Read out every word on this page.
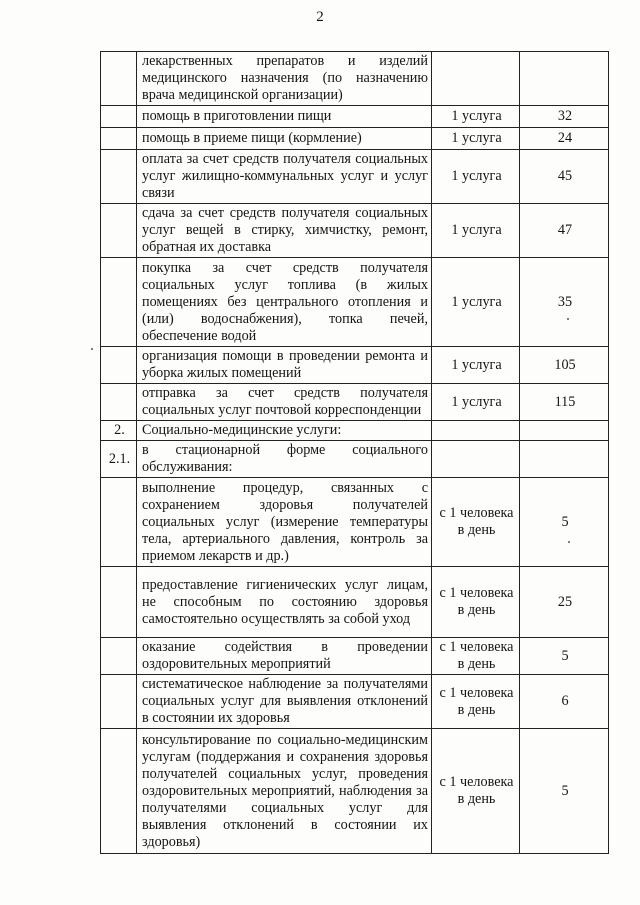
2
	лекарственных препаратов и изделий медицинского назначения (по назначению врача медицинской организации)		
	помощь в приготовлении пищи	1 услуга	32
	помощь в приеме пищи (кормление)	1 услуга	24
	оплата за счет средств получателя социальных услуг жилищно-коммунальных услуг и услуг связи	1 услуга	45
	сдача за счет средств получателя социальных услуг вещей в стирку, химчистку, ремонт, обратная их доставка	1 услуга	47
	покупка за счет средств получателя социальных услуг топлива (в жилых помещениях без центрального отопления и (или) водоснабжения), топка печей, обеспечение водой	1 услуга	35
	организация помощи в проведении ремонта и уборка жилых помещений	1 услуга	105
	отправка за счет средств получателя социальных услуг почтовой корреспонденции	1 услуга	115
2.	Социально-медицинские услуги:		
2.1.	в стационарной форме социального обслуживания:		
	выполнение процедур, связанных с сохранением здоровья получателей социальных услуг (измерение температуры тела, артериального давления, контроль за приемом лекарств и др.)	с 1 человека в день	5
	предоставление гигиенических услуг лицам, не способным по состоянию здоровья самостоятельно осуществлять за собой уход	с 1 человека в день	25
	оказание содействия в проведении оздоровительных мероприятий	с 1 человека в день	5
	систематическое наблюдение за получателями социальных услуг для выявления отклонений в состоянии их здоровья	с 1 человека в день	6
	консультирование по социально-медицинским услугам (поддержания и сохранения здоровья получателей социальных услуг, проведения оздоровительных мероприятий, наблюдения за получателями социальных услуг для выявления отклонений в состоянии их здоровья)	с 1 человека в день	5
